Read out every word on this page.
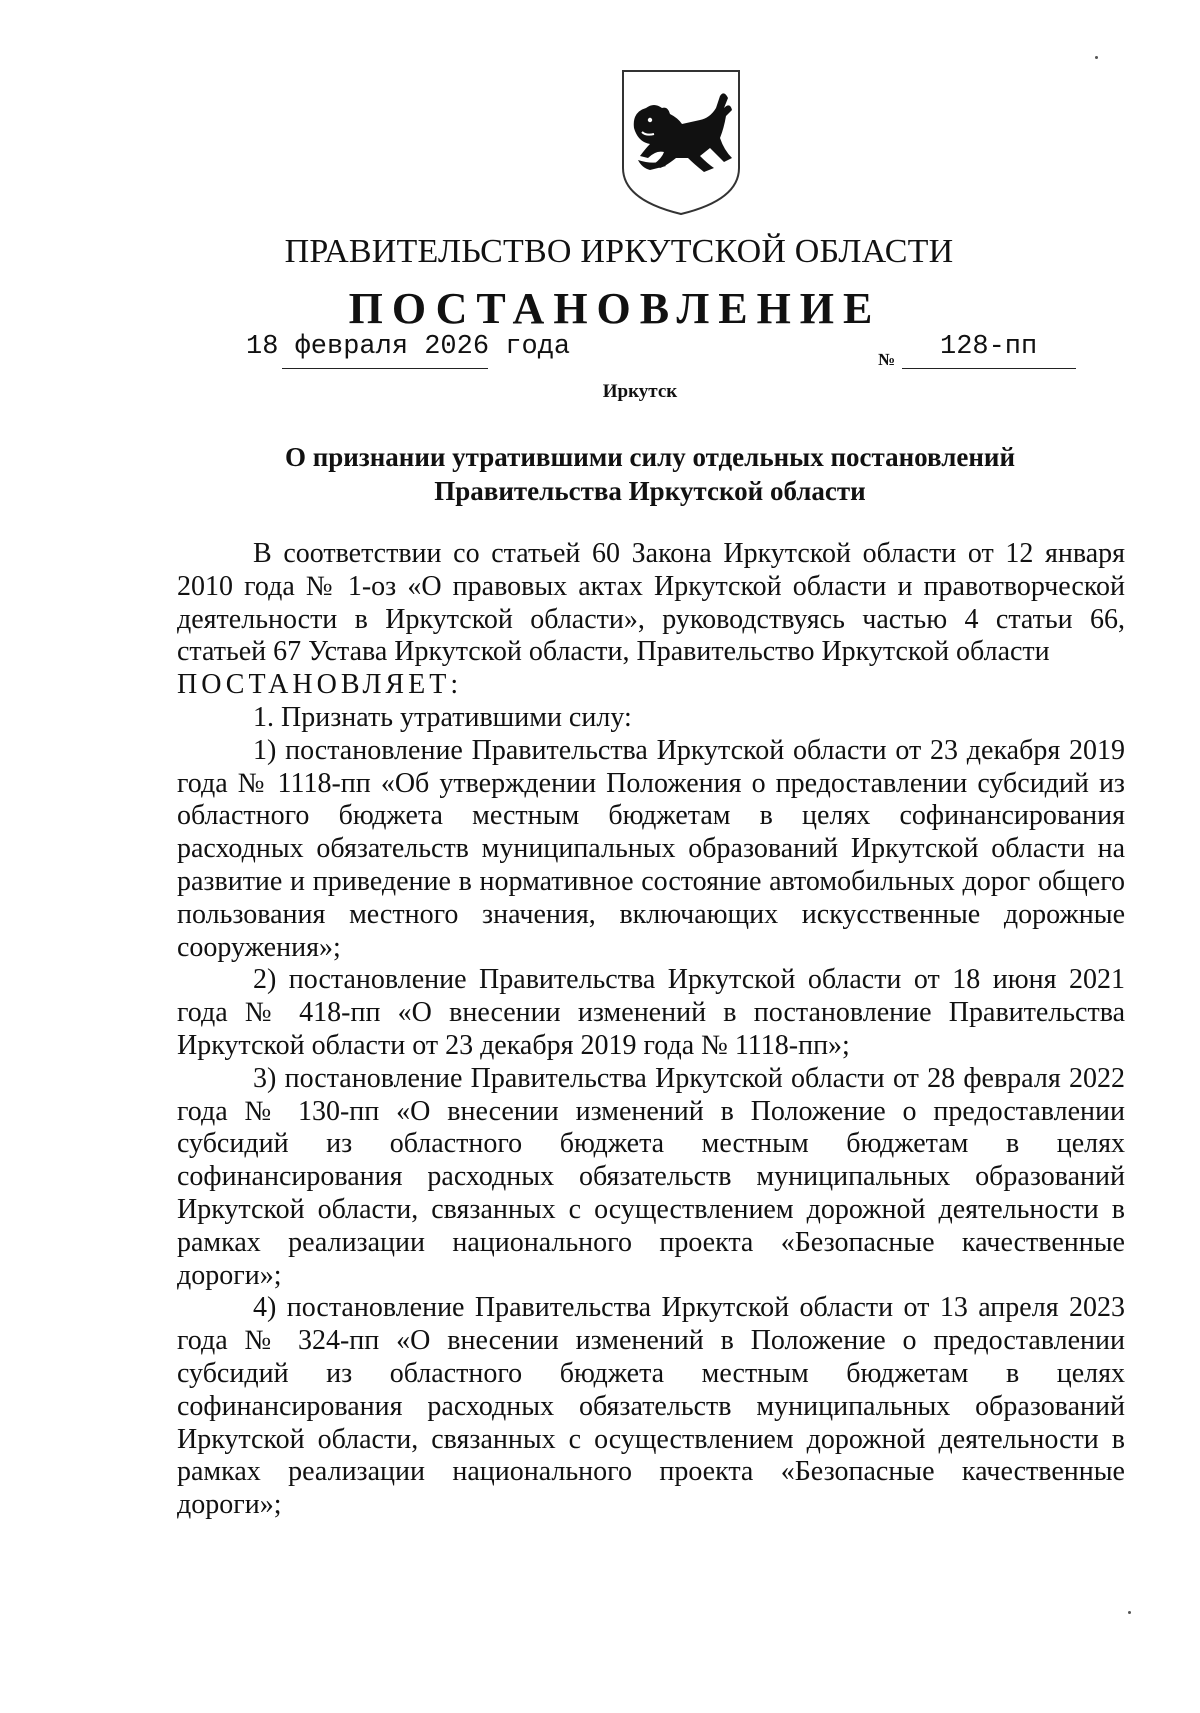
ПРАВИТЕЛЬСТВО ИРКУТСКОЙ ОБЛАСТИ
ПОСТАНОВЛЕНИЕ
18 февраля 2026 года	№ 128-пп
Иркутск
О признании утратившими силу отдельных постановлений
Правительства Иркутской области

В соответствии со статьей 60 Закона Иркутской области от 12 января 2010 года № 1-оз «О правовых актах Иркутской области и правотворческой деятельности в Иркутской области», руководствуясь частью 4 статьи 66, статьей 67 Устава Иркутской области, Правительство Иркутской области

ПОСТАНОВЛЯЕТ:

1. Признать утратившими силу:

1) постановление Правительства Иркутской области от 23 декабря 2019 года № 1118-пп «Об утверждении Положения о предоставлении субсидий из областного бюджета местным бюджетам в целях софинансирования расходных обязательств муниципальных образований Иркутской области на развитие и приведение в нормативное состояние автомобильных дорог общего пользования местного значения, включающих искусственные дорожные сооружения»;

2) постановление Правительства Иркутской области от 18 июня 2021 года № 418-пп «О внесении изменений в постановление Правительства Иркутской области от 23 декабря 2019 года № 1118-пп»;

3) постановление Правительства Иркутской области от 28 февраля 2022 года № 130-пп «О внесении изменений в Положение о предоставлении субсидий из областного бюджета местным бюджетам в целях софинансирования расходных обязательств муниципальных образований Иркутской области, связанных с осуществлением дорожной деятельности в рамках реализации национального проекта «Безопасные качественные дороги»;

4) постановление Правительства Иркутской области от 13 апреля 2023 года № 324-пп «О внесении изменений в Положение о предоставлении субсидий из областного бюджета местным бюджетам в целях софинансирования расходных обязательств муниципальных образований Иркутской области, связанных с осуществлением дорожной деятельности в рамках реализации национального проекта «Безопасные качественные дороги»;
